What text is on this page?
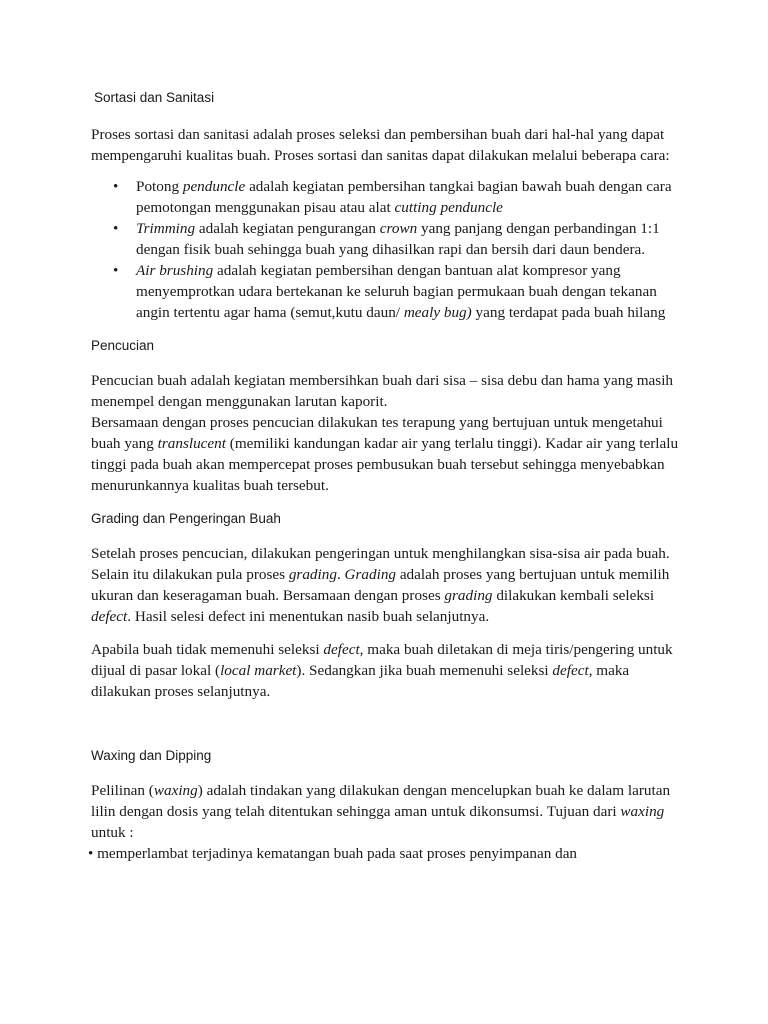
Sortasi dan Sanitasi

Proses sortasi dan sanitasi adalah proses seleksi dan pembersihan buah dari hal-hal yang dapat mempengaruhi kualitas buah. Proses sortasi dan sanitas dapat dilakukan melalui beberapa cara:

• Potong penduncle adalah kegiatan pembersihan tangkai bagian bawah buah dengan cara pemotongan menggunakan pisau atau alat cutting penduncle
• Trimming adalah kegiatan pengurangan crown yang panjang dengan perbandingan 1:1 dengan fisik buah sehingga buah yang dihasilkan rapi dan bersih dari daun bendera.
• Air brushing adalah kegiatan pembersihan dengan bantuan alat kompresor yang menyemprotkan udara bertekanan ke seluruh bagian permukaan buah dengan tekanan angin tertentu agar hama (semut,kutu daun/ mealy bug) yang terdapat pada buah hilang
Pencucian

Pencucian buah adalah kegiatan membersihkan buah dari sisa – sisa debu dan hama yang masih menempel dengan menggunakan larutan kaporit.
Bersamaan dengan proses pencucian dilakukan tes terapung yang bertujuan untuk mengetahui buah yang translucent (memiliki kandungan kadar air yang terlalu tinggi). Kadar air yang terlalu tinggi pada buah akan mempercepat proses pembusukan buah tersebut sehingga menyebabkan menurunkannya kualitas buah tersebut.

Grading dan Pengeringan Buah

Setelah proses pencucian, dilakukan pengeringan untuk menghilangkan sisa-sisa air pada buah. Selain itu dilakukan pula proses grading. Grading adalah proses yang bertujuan untuk memilih ukuran dan keseragaman buah. Bersamaan dengan proses grading dilakukan kembali seleksi defect. Hasil selesi defect ini menentukan nasib buah selanjutnya.

Apabila buah tidak memenuhi seleksi defect, maka buah diletakan di meja tiris/pengering untuk dijual di pasar lokal (local market). Sedangkan jika buah memenuhi seleksi defect, maka dilakukan proses selanjutnya.

Waxing dan Dipping

Pelilinan (waxing) adalah tindakan yang dilakukan dengan mencelupkan buah ke dalam larutan lilin dengan dosis yang telah ditentukan sehingga aman untuk dikonsumsi. Tujuan dari waxing untuk :

• memperlambat terjadinya kematangan buah pada saat proses penyimpanan dan
